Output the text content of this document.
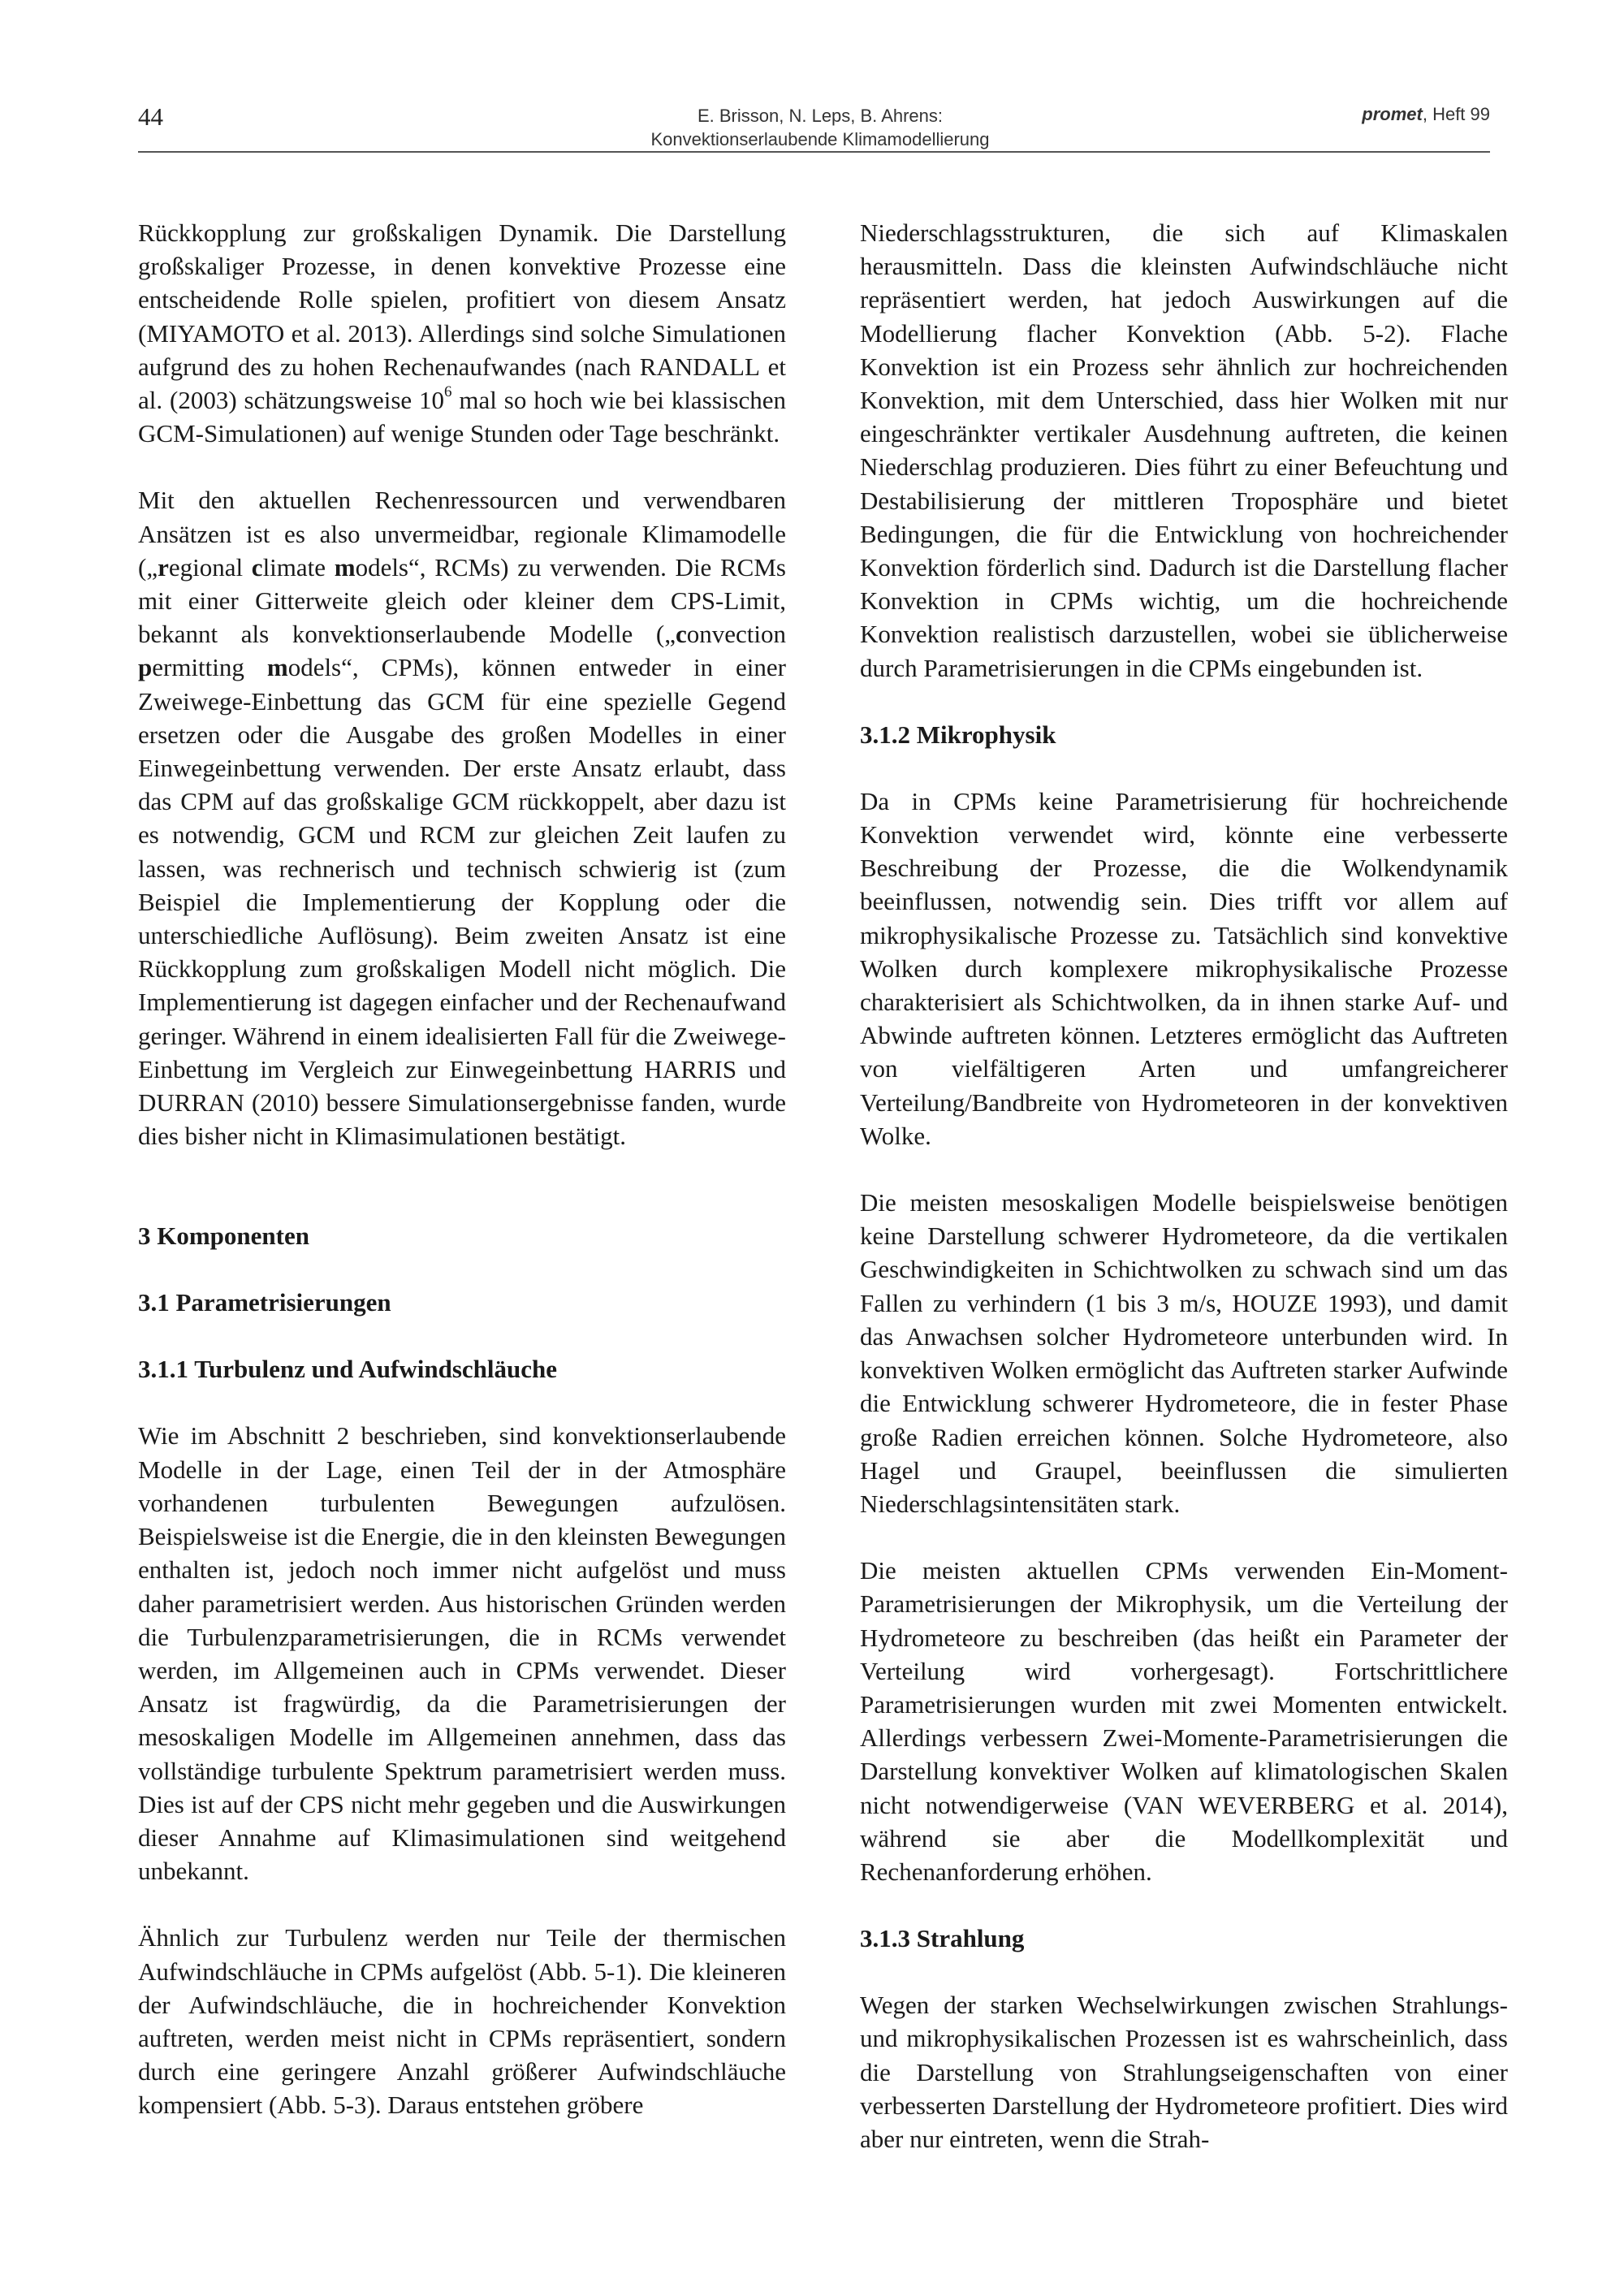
44	E. Brisson, N. Leps, B. Ahrens:
Konvektionserlaubende Klimamodellierung
promet, Heft 99

Rückkopplung zur großskaligen Dynamik. Die Darstellung großskaliger Prozesse, in denen konvektive Prozesse eine entscheidende Rolle spielen, profitiert von diesem Ansatz (MIYAMOTO et al. 2013). Allerdings sind solche Simulationen aufgrund des zu hohen Rechenaufwandes (nach RANDALL et al. (2003) schätzungsweise $10^6$ mal so hoch wie bei klassischen GCM-Simulationen) auf wenige Stunden oder Tage beschränkt.

Mit den aktuellen Rechenressourcen und verwendbaren Ansätzen ist es also unvermeidbar, regionale Klimamodelle („regional climate models“, RCMs) zu verwenden. Die RCMs mit einer Gitterweite gleich oder kleiner dem CPS-Limit, bekannt als konvektionserlaubende Modelle („convection permitting models“, CPMs), können entweder in einer Zweiwege-Einbettung das GCM für eine spezielle Gegend ersetzen oder die Ausgabe des großen Modelles in einer Einwegeinbettung verwenden. Der erste Ansatz erlaubt, dass das CPM auf das großskalige GCM rückkoppelt, aber dazu ist es notwendig, GCM und RCM zur gleichen Zeit laufen zu lassen, was rechnerisch und technisch schwierig ist (zum Beispiel die Implementierung der Kopplung oder die unterschiedliche Auflösung). Beim zweiten Ansatz ist eine Rückkopplung zum großskaligen Modell nicht möglich. Die Implementierung ist dagegen einfacher und der Rechenaufwand geringer. Während in einem idealisierten Fall für die Zweiwege-Einbettung im Vergleich zur Einwegeinbettung HARRIS und DURRAN (2010) bessere Simulationsergebnisse fanden, wurde dies bisher nicht in Klimasimulationen bestätigt.

3 Komponenten
3.1 Parametrisierungen
3.1.1 Turbulenz und Aufwindschläuche

Wie im Abschnitt 2 beschrieben, sind konvektionserlaubende Modelle in der Lage, einen Teil der in der Atmosphäre vorhandenen turbulenten Bewegungen aufzulösen. Beispielsweise ist die Energie, die in den kleinsten Bewegungen enthalten ist, jedoch noch immer nicht aufgelöst und muss daher parametrisiert werden. Aus historischen Gründen werden die Turbulenzparametrisierungen, die in RCMs verwendet werden, im Allgemeinen auch in CPMs verwendet. Dieser Ansatz ist fragwürdig, da die Parametrisierungen der mesoskaligen Modelle im Allgemeinen annehmen, dass das vollständige turbulente Spektrum parametrisiert werden muss. Dies ist auf der CPS nicht mehr gegeben und die Auswirkungen dieser Annahme auf Klimasimulationen sind weitgehend unbekannt.

Ähnlich zur Turbulenz werden nur Teile der thermischen Aufwindschläuche in CPMs aufgelöst (Abb. 5-1). Die kleineren der Aufwindschläuche, die in hochreichender Konvektion auftreten, werden meist nicht in CPMs repräsentiert, sondern durch eine geringere Anzahl größerer Aufwindschläuche kompensiert (Abb. 5-3). Daraus entstehen gröbere

Niederschlagsstrukturen, die sich auf Klimaskalen herausmitteln. Dass die kleinsten Aufwindschläuche nicht repräsentiert werden, hat jedoch Auswirkungen auf die Modellierung flacher Konvektion (Abb. 5-2). Flache Konvektion ist ein Prozess sehr ähnlich zur hochreichenden Konvektion, mit dem Unterschied, dass hier Wolken mit nur eingeschränkter vertikaler Ausdehnung auftreten, die keinen Niederschlag produzieren. Dies führt zu einer Befeuchtung und Destabilisierung der mittleren Troposphäre und bietet Bedingungen, die für die Entwicklung von hochreichender Konvektion förderlich sind. Dadurch ist die Darstellung flacher Konvektion in CPMs wichtig, um die hochreichende Konvektion realistisch darzustellen, wobei sie üblicherweise durch Parametrisierungen in die CPMs eingebunden ist.

3.1.2 Mikrophysik

Da in CPMs keine Parametrisierung für hochreichende Konvektion verwendet wird, könnte eine verbesserte Beschreibung der Prozesse, die die Wolkendynamik beeinflussen, notwendig sein. Dies trifft vor allem auf mikrophysikalische Prozesse zu. Tatsächlich sind konvektive Wolken durch komplexere mikrophysikalische Prozesse charakterisiert als Schichtwolken, da in ihnen starke Auf- und Abwinde auftreten können. Letzteres ermöglicht das Auftreten von vielfältigeren Arten und umfangreicherer Verteilung/Bandbreite von Hydrometeoren in der konvektiven Wolke.

Die meisten mesoskaligen Modelle beispielsweise benötigen keine Darstellung schwerer Hydrometeore, da die vertikalen Geschwindigkeiten in Schichtwolken zu schwach sind um das Fallen zu verhindern (1 bis 3 m/s, HOUZE 1993), und damit das Anwachsen solcher Hydrometeore unterbunden wird. In konvektiven Wolken ermöglicht das Auftreten starker Aufwinde die Entwicklung schwerer Hydrometeore, die in fester Phase große Radien erreichen können. Solche Hydrometeore, also Hagel und Graupel, beeinflussen die simulierten Niederschlagsintensitäten stark.

Die meisten aktuellen CPMs verwenden Ein-Moment-Parametrisierungen der Mikrophysik, um die Verteilung der Hydrometeore zu beschreiben (das heißt ein Parameter der Verteilung wird vorhergesagt). Fortschrittlichere Parametrisierungen wurden mit zwei Momenten entwickelt. Allerdings verbessern Zwei-Momente-Parametrisierungen die Darstellung konvektiver Wolken auf klimatologischen Skalen nicht notwendigerweise (VAN WEVERBERG et al. 2014), während sie aber die Modellkomplexität und Rechenanforderung erhöhen.

3.1.3 Strahlung

Wegen der starken Wechselwirkungen zwischen Strahlungs- und mikrophysikalischen Prozessen ist es wahrscheinlich, dass die Darstellung von Strahlungseigenschaften von einer verbesserten Darstellung der Hydrometeore profitiert. Dies wird aber nur eintreten, wenn die Strah-
